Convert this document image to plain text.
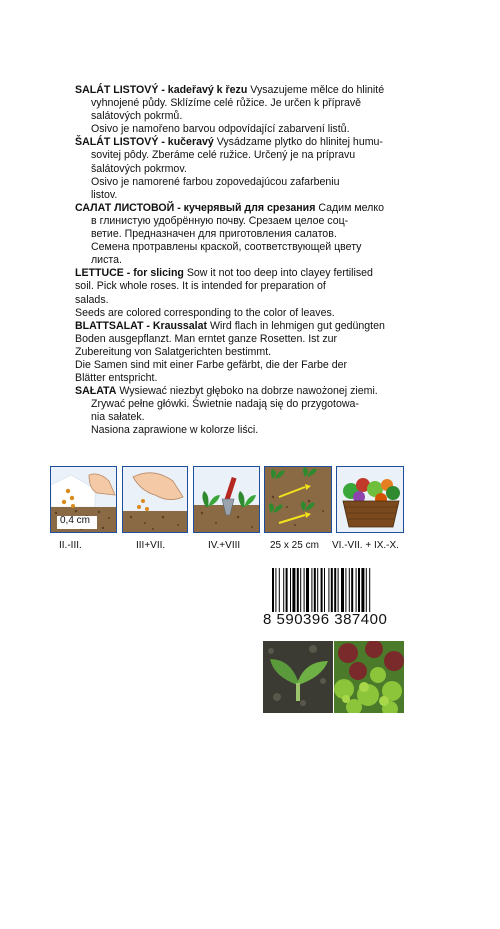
SALÁT LISTOVÝ - kadeřavý k řezu Vysazujeme mělce do hlinité
vyhnojené půdy. Sklízíme celé růžice. Je určen k přípravě
salátových pokrmů.
Osivo je namořeno barvou odpovídající zabarvení listů.
ŠALÁT LISTOVÝ - kučeravý Vysádzame plytko do hlinitej humu-
sovitej pôdy. Zberáme celé ružice. Určený je na prípravu
šalátových pokrmov.
Osivo je namorené farbou zopovedajúcou zafarbeniu
listov.
САЛАТ ЛИСТОВОЙ - кучерявый для срезания Садим мелко
в глинистую удобрённую почву. Срезаем целое соц-
ветие. Предназначен для приготовления салатов.
Семена протравлены краской, соответствующей цвету
листа.
LETTUCE - for slicing Sow it not too deep into clayey fertilised
soil. Pick whole roses. It is intended for preparation of
salads.
Seeds are colored corresponding to the color of leaves.
BLATTSALAT - Kraussalat Wird flach in lehmigen gut gedüngten
Boden ausgepflanzt. Man erntet ganze Rosetten. Ist zur
Zubereitung von Salatgerichten bestimmt.
Die Samen sind mit einer Farbe gefärbt, die der Farbe der
Blätter entspricht.
SAŁATA Wysiewać niezbyt głęboko na dobrze nawożonej ziemi.
Zrywać pełne główki. Świetnie nadają się do przygotowa-
nia sałatek.
Nasiona zaprawione w kolorze liści.
0,4 cm
II.-III.	III+VII.	IV.+VIII	25 x 25 cm VI.-VII. + IX.-X.
8 590396 387400
